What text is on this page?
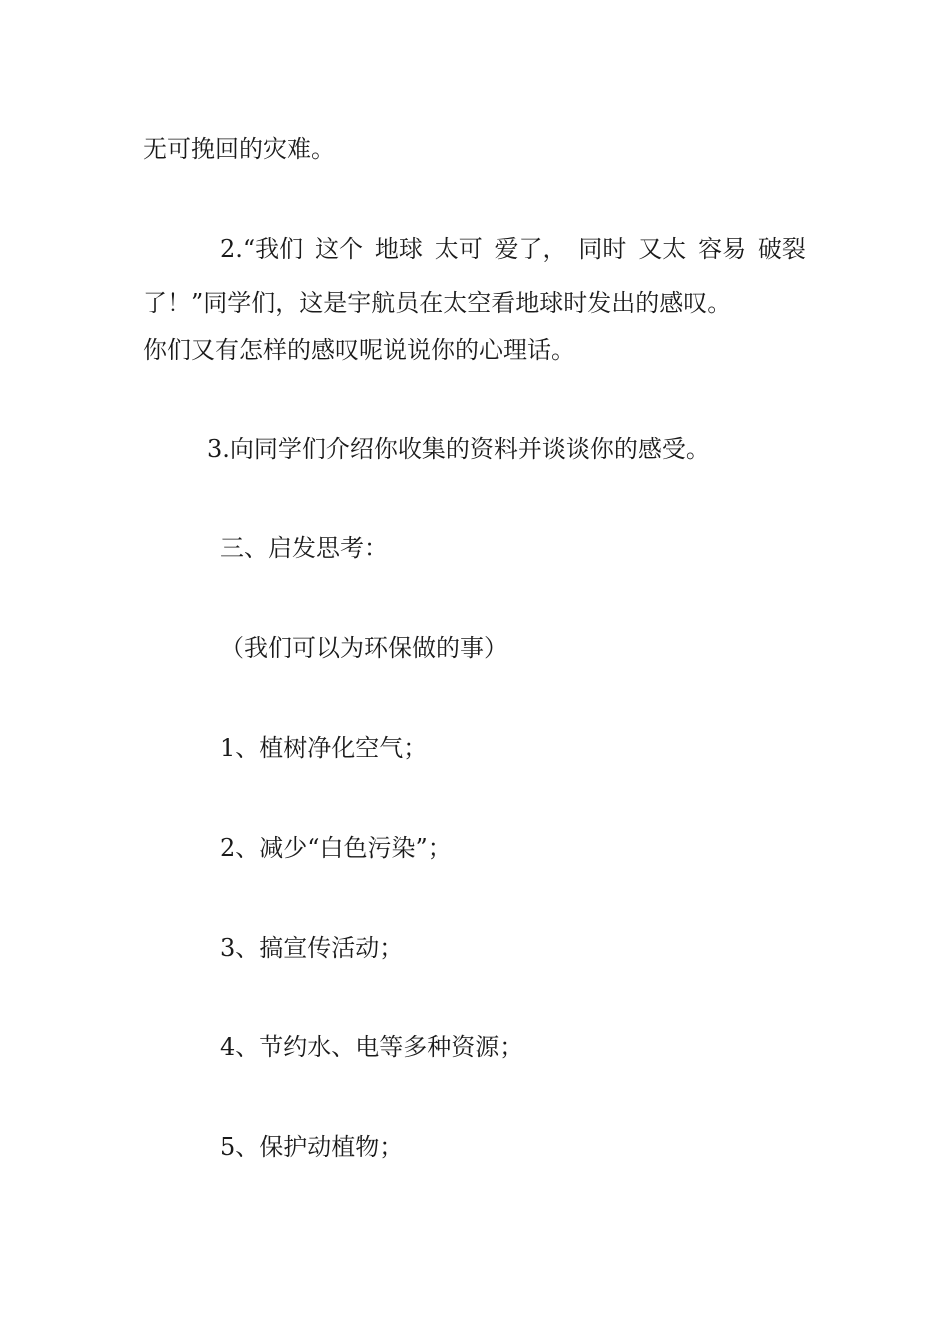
无可挽回的灾难。
2.“我们 这个 地球 太可 爱了， 同时 又太 容易 破裂
了！”同学们，这是宇航员在太空看地球时发出的感叹。
你们又有怎样的感叹呢说说你的心理话。
3.向同学们介绍你收集的资料并谈谈你的感受。
三、启发思考：
（我们可以为环保做的事）
1、植树净化空气；
2、减少“白色污染”；
3、搞宣传活动；
4、节约水、电等多种资源；
5、保护动植物；
